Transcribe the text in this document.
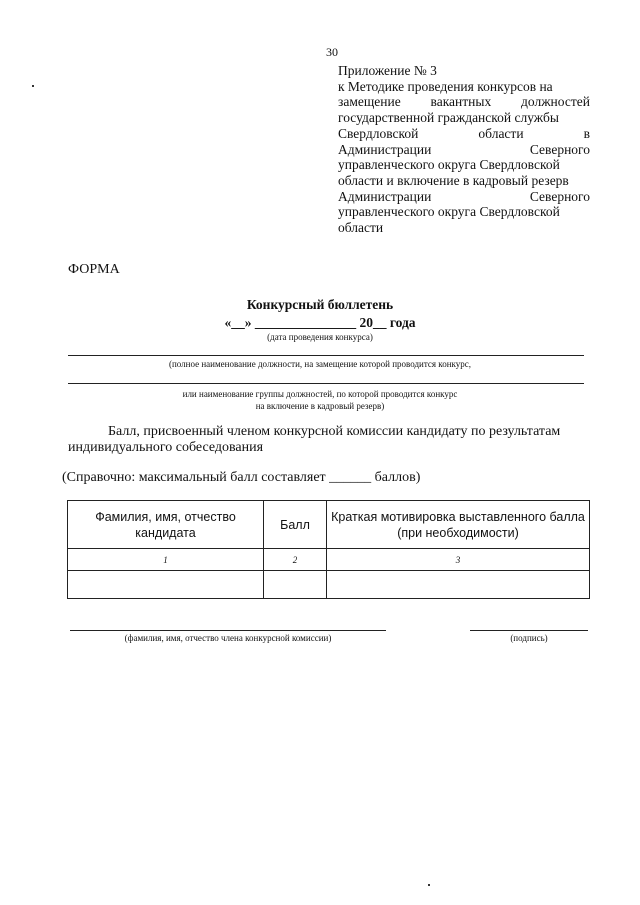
30
Приложение № 3
к Методике проведения конкурсов на
замещение вакантных должностей
государственной гражданской службы
Свердловской	области	в
Администрации	Северного
управленческого округа Свердловской
области и включение в кадровый резерв
Администрации	Северного
управленческого округа Свердловской
области
ФОРМА
Конкурсный бюллетень
«__» _______________ 20__ года
(дата проведения конкурса)
(полное наименование должности, на замещение которой проводится конкурс,
или наименование группы должностей, по которой проводится конкурс
на включение в кадровый резерв)
Балл, присвоенный членом конкурсной комиссии кандидату по результатам
индивидуального собеседования
(Справочно: максимальный балл составляет ______ баллов)
Фамилия, имя, отчество кандидата	Балл	Краткая мотивировка выставленного балла (при необходимости)
1	2	3

(фамилия, имя, отчество члена конкурсной комиссии)	(подпись)
